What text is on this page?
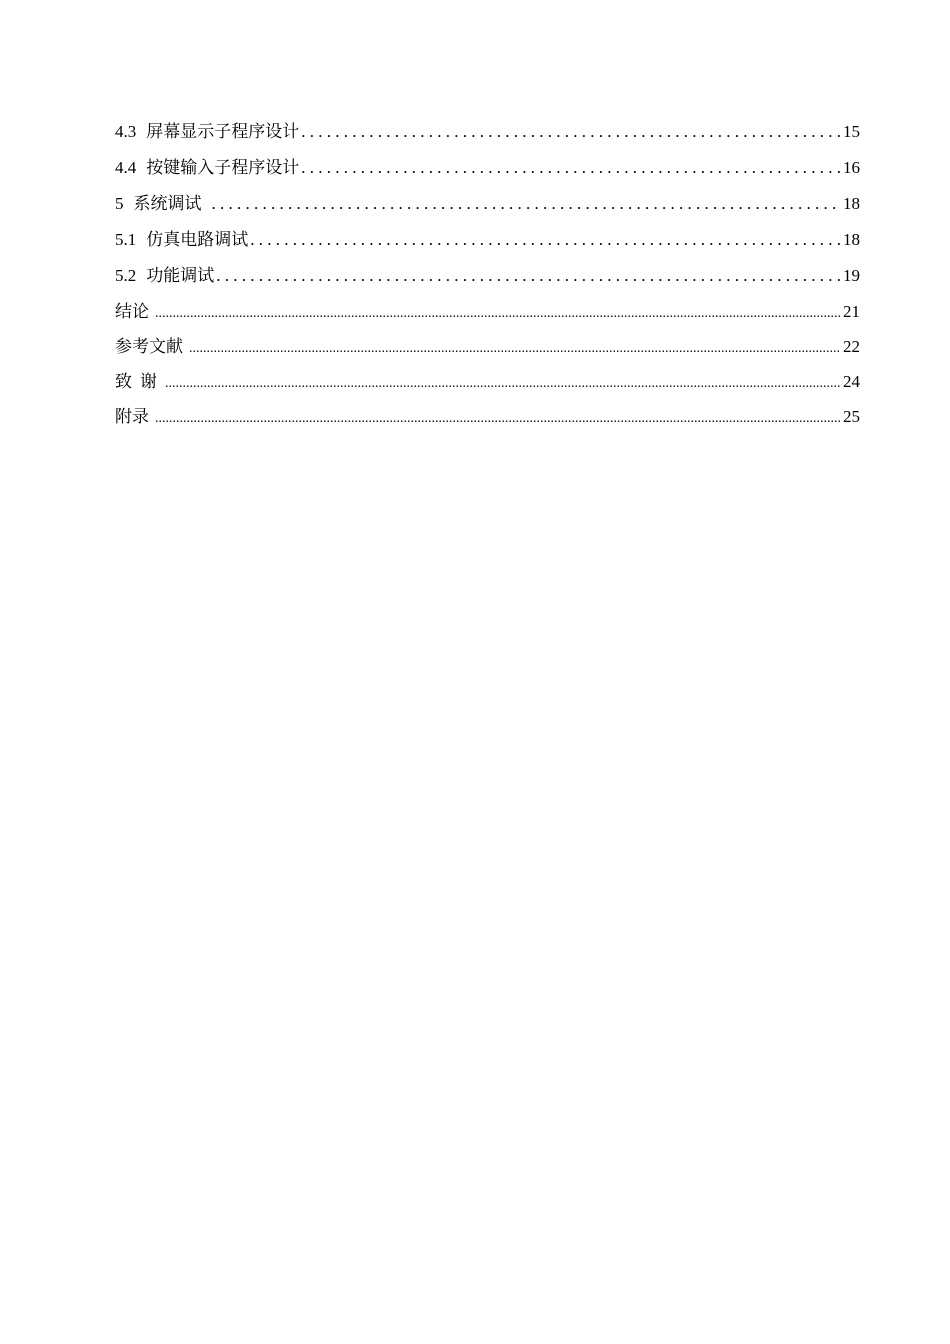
4.3 屏幕显示子程序设计 . . .	15
4.4 按键输入子程序设计 . . .	16
5 系统调试 . . .	18
5.1 仿真电路调试 . . .	18
5.2 功能调试 . . .	19
结论 .....	21
参考文献 .....	22
致谢 .....	24
附录 .....	25
